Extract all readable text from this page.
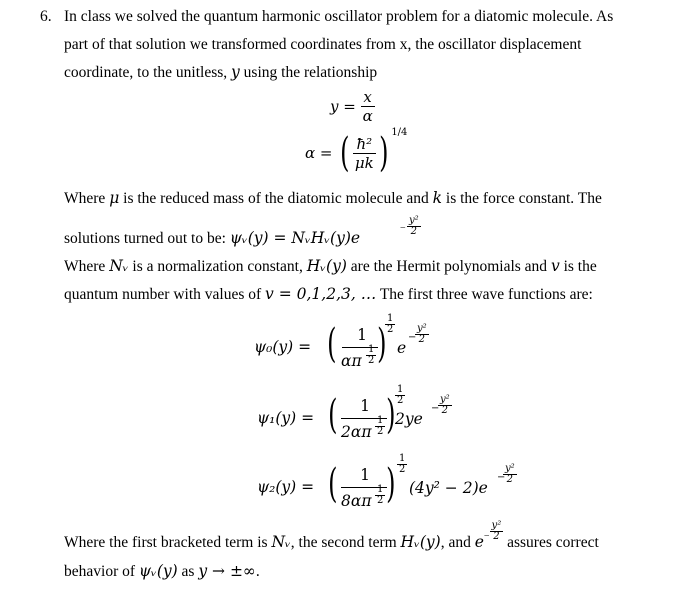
6. In class we solved the quantum harmonic oscillator problem for a diatomic molecule. As
part of that solution we transformed coordinates from x, the oscillator displacement
coordinate, to the unitless, y using the relationship
$y = \frac{x}{\alpha}$
α = ( $\frac{\text{ħ²}}{\mu k}$ ) $^{1/4}$
Where μ is the reduced mass of the diatomic molecule and k is the force constant. The
solutions turned out to be: ψᵥ(y) = NᵥHᵥ(y)e
− $\frac{\text{y²}}{2}$
Where Nᵥ is a normalization constant, Hᵥ(y) are the Hermit polynomials and v is the
quantum number with values of v = 0,1,2,3, … The first three wave functions are:
ψ₀(y) = (	1
απ $\frac{1}{2}$ )
$\frac{1}{2}$
e
−
$\frac{\text{y²}}{2}$
ψ₁(y) = (	1
$2\alpha\pi \frac{1}{2}$ ) $\frac{1}{2}$
2ye
−
$\frac{\text{y²}}{2}$
ψ₂(y) = (	1
$8\alpha\pi \frac{1}{2}$ ) $\frac{1}{2}$
(4y² − 2)e
−
$\frac{\text{y²}}{2}$
Where the first bracketed term is Nᵥ, the second term Hᵥ(y), and $e^- \frac{\text{y²}}{2}$
assures correct
behavior of ψᵥ(y) as y → ±∞.
